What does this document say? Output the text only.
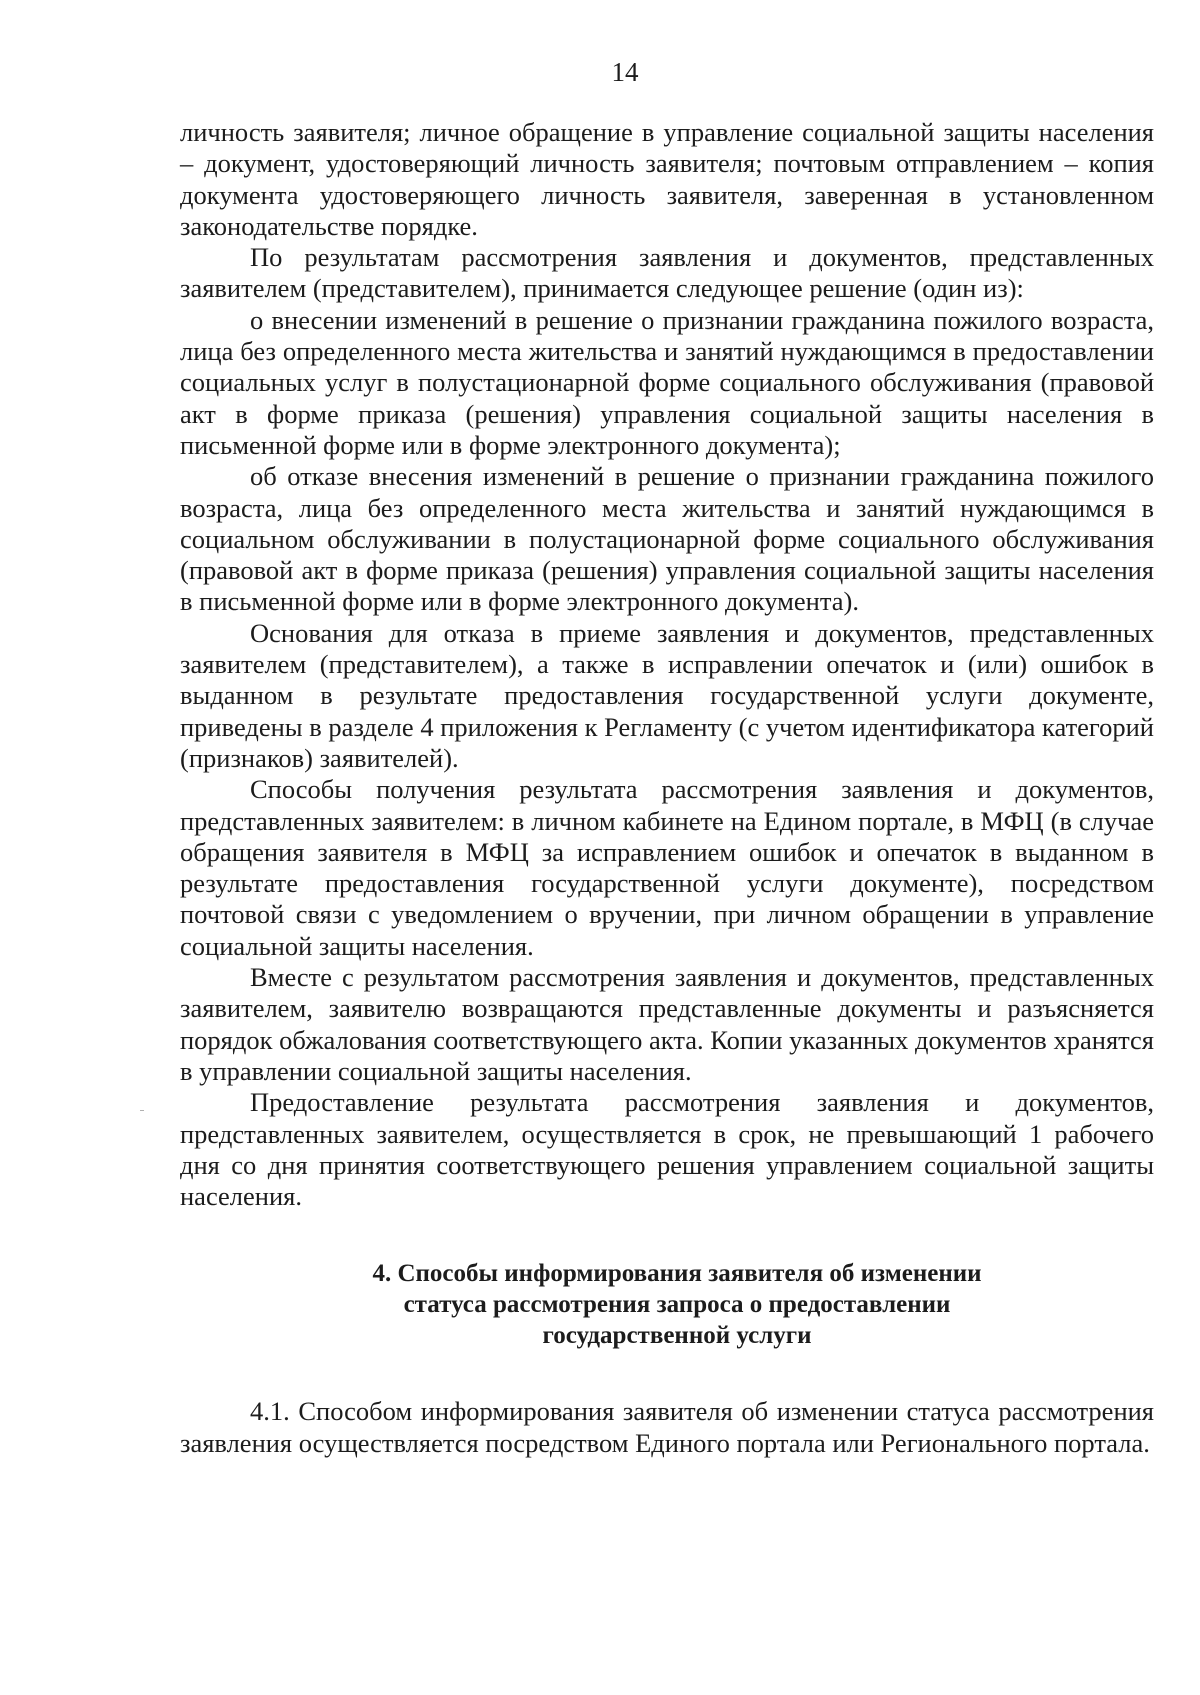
14

личность заявителя; личное обращение в управление социальной защиты населения – документ, удостоверяющий личность заявителя; почтовым отправлением – копия документа удостоверяющего личность заявителя, заверенная в установленном законодательстве порядке.

По результатам рассмотрения заявления и документов, представленных заявителем (представителем), принимается следующее решение (один из):

о внесении изменений в решение о признании гражданина пожилого возраста, лица без определенного места жительства и занятий нуждающимся в предоставлении социальных услуг в полустационарной форме социального обслуживания (правовой акт в форме приказа (решения) управления социальной защиты населения в письменной форме или в форме электронного документа);

об отказе внесения изменений в решение о признании гражданина пожилого возраста, лица без определенного места жительства и занятий нуждающимся в социальном обслуживании в полустационарной форме социального обслуживания (правовой акт в форме приказа (решения) управления социальной защиты населения в письменной форме или в форме электронного документа).

Основания для отказа в приеме заявления и документов, представленных заявителем (представителем), а также в исправлении опечаток и (или) ошибок в выданном в результате предоставления государственной услуги документе, приведены в разделе 4 приложения к Регламенту (с учетом идентификатора категорий (признаков) заявителей).

Способы получения результата рассмотрения заявления и документов, представленных заявителем: в личном кабинете на Едином портале, в МФЦ (в случае обращения заявителя в МФЦ за исправлением ошибок и опечаток в выданном в результате предоставления государственной услуги документе), посредством почтовой связи с уведомлением о вручении, при личном обращении в управление социальной защиты населения.

Вместе с результатом рассмотрения заявления и документов, представленных заявителем, заявителю возвращаются представленные документы и разъясняется порядок обжалования соответствующего акта. Копии указанных документов хранятся в управлении социальной защиты населения.

Предоставление результата рассмотрения заявления и документов, представленных заявителем, осуществляется в срок, не превышающий 1 рабочего дня со дня принятия соответствующего решения управлением социальной защиты населения.

4. Способы информирования заявителя об изменении
статуса рассмотрения запроса о предоставлении
государственной услуги

4.1. Способом информирования заявителя об изменении статуса рассмотрения заявления осуществляется посредством Единого портала или Регионального портала.
